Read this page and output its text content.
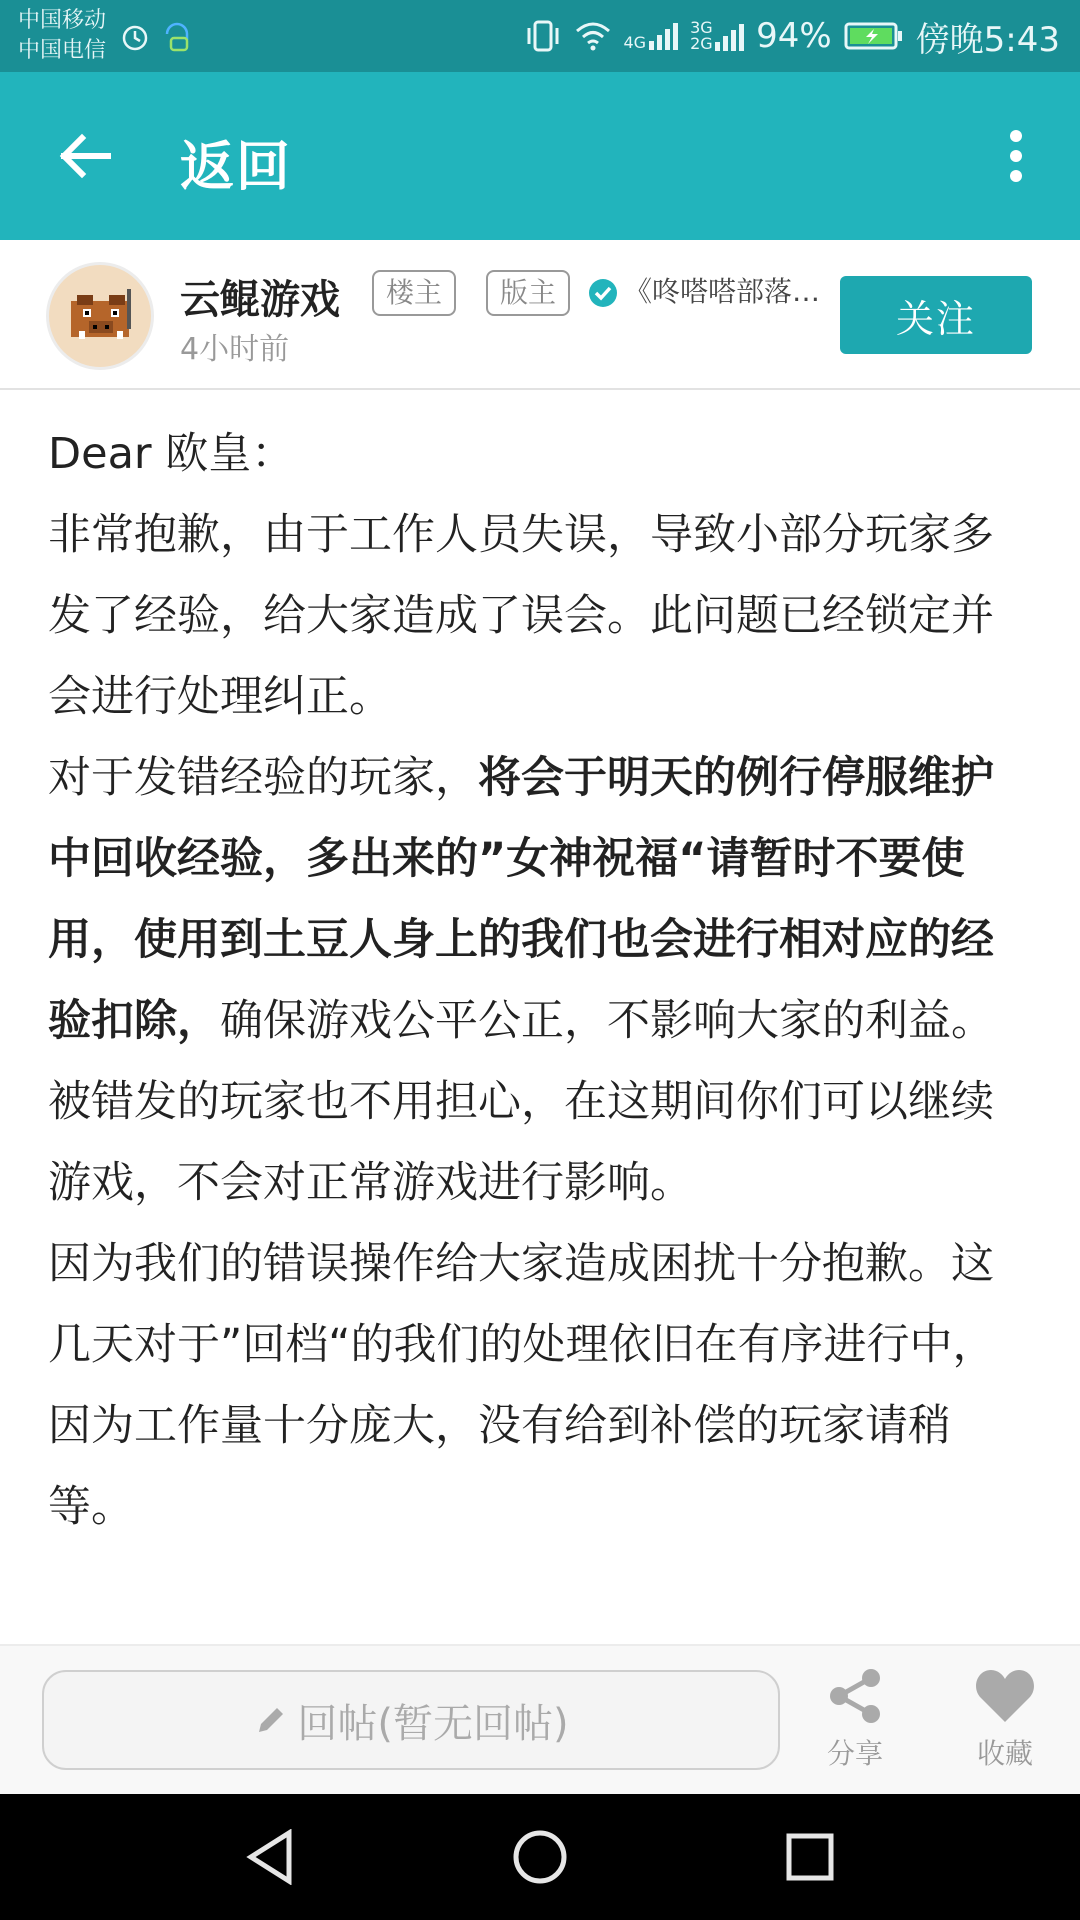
中国移动
中国电信	4G
3G 2G 94% 傍晚5:43
返回
云鲲游戏	楼主	版主	《咚嗒嗒部落…
4小时前
关注

Dear 欧皇：

非常抱歉，由于工作人员失误，导致小部分玩家多发了经验，给大家造成了误会。此问题已经锁定并会进行处理纠正。

对于发错经验的玩家，将会于明天的例行停服维护中回收经验，多出来的”女神祝福“请暂时不要使用，使用到土豆人身上的我们也会进行相对应的经验扣除，确保游戏公平公正，不影响大家的利益。被错发的玩家也不用担心，在这期间你们可以继续游戏，不会对正常游戏进行影响。

因为我们的错误操作给大家造成困扰十分抱歉。这几天对于”回档“的我们的处理依旧在有序进行中，因为工作量十分庞大，没有给到补偿的玩家请稍等。

回帖(暂无回帖)
分享	收藏
